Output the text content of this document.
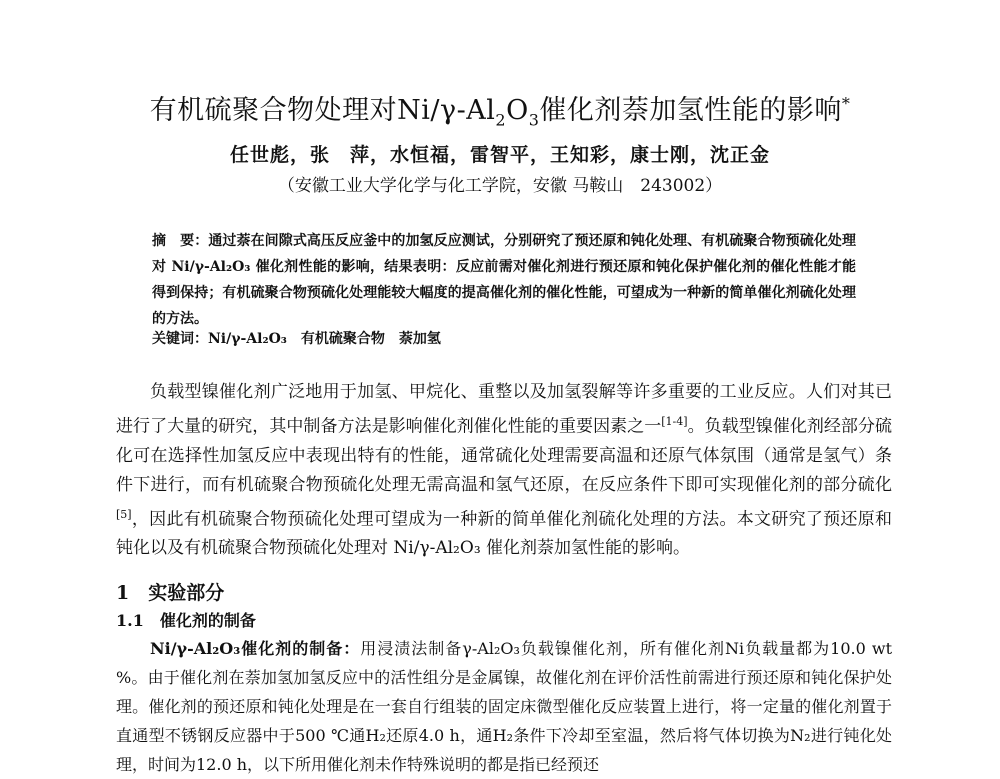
有机硫聚合物处理对$Ni/\gamma-Al_2O_3$催化剂萘加氢性能的影响*
任世彪，张　萍，水恒福，雷智平，王知彩，康士刚，沈正金
（安徽工业大学化学与化工学院，安徽 马鞍山　243002）
摘　要：通过萘在间隙式高压反应釜中的加氢反应测试，分别研究了预还原和钝化处理、有机硫聚合物预硫化处理对 Ni/γ-Al₂O₃ 催化剂性能的影响，结果表明：反应前需对催化剂进行预还原和钝化保护催化剂的催化性能才能得到保持；有机硫聚合物预硫化处理能较大幅度的提高催化剂的催化性能，可望成为一种新的简单催化剂硫化处理的方法。
关键词：Ni/γ-Al₂O₃　有机硫聚合物　萘加氢

负载型镍催化剂广泛地用于加氢、甲烷化、重整以及加氢裂解等许多重要的工业反应。人们对其已进行了大量的研究，其中制备方法是影响催化剂催化性能的重要因素之一[1-4]。负载型镍催化剂经部分硫化可在选择性加氢反应中表现出特有的性能，通常硫化处理需要高温和还原气体氛围（通常是氢气）条件下进行，而有机硫聚合物预硫化处理无需高温和氢气还原，在反应条件下即可实现催化剂的部分硫化[5]，因此有机硫聚合物预硫化处理可望成为一种新的简单催化剂硫化处理的方法。本文研究了预还原和钝化以及有机硫聚合物预硫化处理对 Ni/γ-Al₂O₃ 催化剂萘加氢性能的影响。

1　实验部分
1.1　催化剂的制备

Ni/γ-Al₂O₃催化剂的制备：用浸渍法制备γ-Al₂O₃负载镍催化剂，所有催化剂Ni负载量都为10.0 wt %。由于催化剂在萘加氢加氢反应中的活性组分是金属镍，故催化剂在评价活性前需进行预还原和钝化保护处理。催化剂的预还原和钝化处理是在一套自行组装的固定床微型催化反应装置上进行，将一定量的催化剂置于直通型不锈钢反应器中于500 ℃通H₂还原4.0 h，通H₂条件下冷却至室温，然后将气体切换为N₂进行钝化处理，时间为12.0 h，以下所用催化剂未作特殊说明的都是指已经预还
